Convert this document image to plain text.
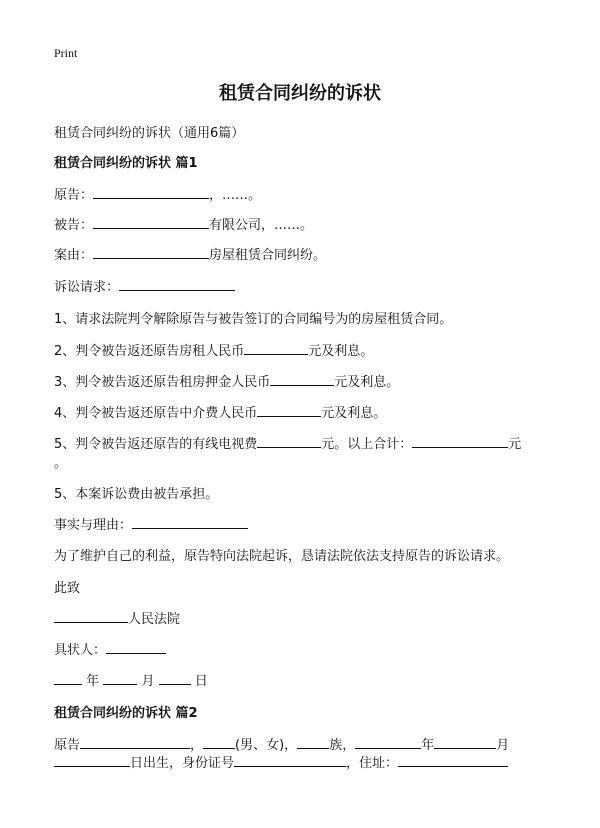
Print
租赁合同纠纷的诉状
租赁合同纠纷的诉状（通用6篇）
租赁合同纠纷的诉状 篇1
原告：	，……。
被告：	有限公司，……。
案由：	房屋租赁合同纠纷。
诉讼请求：
1、请求法院判令解除原告与被告签订的合同编号为的房屋租赁合同。
2、判令被告返还原告房租人民币	元及利息。
3、判令被告返还原告租房押金人民币	元及利息。
4、判令被告返还原告中介费人民币	元及利息。
5、判令被告返还原告的有线电视费	元。以上合计：	元
。
5、本案诉讼费由被告承担。
事实与理由：
为了维护自己的利益，原告特向法院起诉，恳请法院依法支持原告的诉讼请求。
此致
人民法院
具状人：
年	月	日
租赁合同纠纷的诉状 篇2
原告	， (男、女)， 族，	年	月
日出生，身份证号	，住址：
